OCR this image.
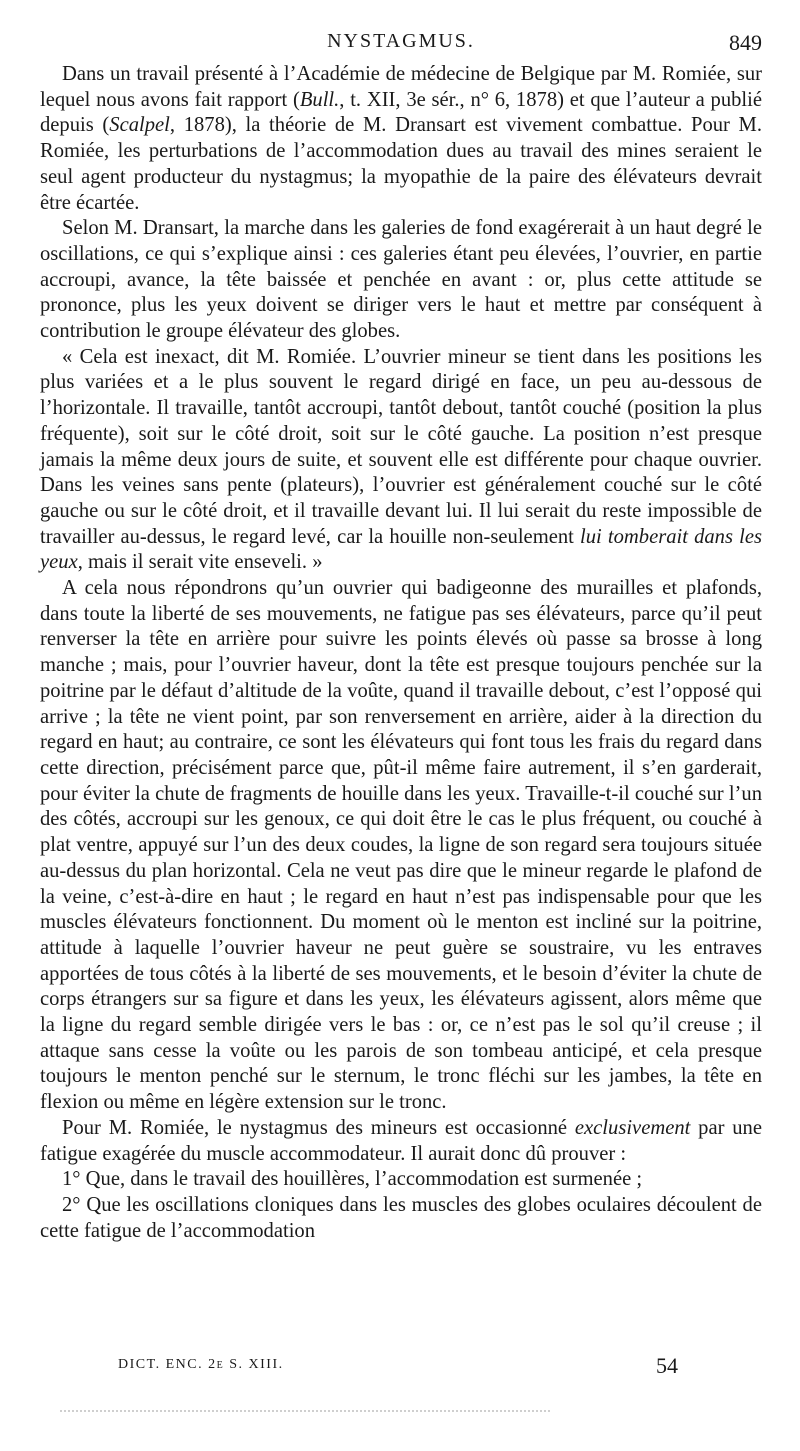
NYSTAGMUS.	849

Dans un travail présenté à l’Académie de médecine de Belgique par M. Romiée, sur lequel nous avons fait rapport (Bull., t. XII, 3e sér., n° 6, 1878) et que l’auteur a publié depuis (Scalpel, 1878), la théorie de M. Dransart est vivement combattue. Pour M. Romiée, les perturbations de l’accommodation dues au travail des mines seraient le seul agent producteur du nystagmus; la myopathie de la paire des élévateurs devrait être écartée.

Selon M. Dransart, la marche dans les galeries de fond exagérerait à un haut degré le oscillations, ce qui s’explique ainsi : ces galeries étant peu élevées, l’ouvrier, en partie accroupi, avance, la tête baissée et penchée en avant : or, plus cette attitude se prononce, plus les yeux doivent se diriger vers le haut et mettre par conséquent à contribution le groupe élévateur des globes.

« Cela est inexact, dit M. Romiée. L’ouvrier mineur se tient dans les positions les plus variées et a le plus souvent le regard dirigé en face, un peu au-dessous de l’horizontale. Il travaille, tantôt accroupi, tantôt debout, tantôt couché (position la plus fréquente), soit sur le côté droit, soit sur le côté gauche. La position n’est presque jamais la même deux jours de suite, et souvent elle est différente pour chaque ouvrier. Dans les veines sans pente (plateurs), l’ouvrier est généralement couché sur le côté gauche ou sur le côté droit, et il travaille devant lui. Il lui serait du reste impossible de travailler au-dessus, le regard levé, car la houille non-seulement lui tomberait dans les yeux, mais il serait vite enseveli. »

A cela nous répondrons qu’un ouvrier qui badigeonne des murailles et plafonds, dans toute la liberté de ses mouvements, ne fatigue pas ses élévateurs, parce qu’il peut renverser la tête en arrière pour suivre les points élevés où passe sa brosse à long manche ; mais, pour l’ouvrier haveur, dont la tête est presque toujours penchée sur la poitrine par le défaut d’altitude de la voûte, quand il travaille debout, c’est l’opposé qui arrive ; la tête ne vient point, par son renversement en arrière, aider à la direction du regard en haut; au contraire, ce sont les élévateurs qui font tous les frais du regard dans cette direction, précisément parce que, pût-il même faire autrement, il s’en garderait, pour éviter la chute de fragments de houille dans les yeux. Travaille-t-il couché sur l’un des côtés, accroupi sur les genoux, ce qui doit être le cas le plus fréquent, ou couché à plat ventre, appuyé sur l’un des deux coudes, la ligne de son regard sera toujours située au-dessus du plan horizontal. Cela ne veut pas dire que le mineur regarde le plafond de la veine, c’est-à-dire en haut ; le regard en haut n’est pas indispensable pour que les muscles élévateurs fonctionnent. Du moment où le menton est incliné sur la poitrine, attitude à laquelle l’ouvrier haveur ne peut guère se soustraire, vu les entraves apportées de tous côtés à la liberté de ses mouvements, et le besoin d’éviter la chute de corps étrangers sur sa figure et dans les yeux, les élévateurs agissent, alors même que la ligne du regard semble dirigée vers le bas : or, ce n’est pas le sol qu’il creuse ; il attaque sans cesse la voûte ou les parois de son tombeau anticipé, et cela presque toujours le menton penché sur le sternum, le tronc fléchi sur les jambes, la tête en flexion ou même en légère extension sur le tronc.

Pour M. Romiée, le nystagmus des mineurs est occasionné exclusivement par une fatigue exagérée du muscle accommodateur. Il aurait donc dû prouver :

1° Que, dans le travail des houillères, l’accommodation est surmenée ;

2° Que les oscillations cloniques dans les muscles des globes oculaires découlent de cette fatigue de l’accommodation

DICT. ENC. 2e S. XIII.	54
